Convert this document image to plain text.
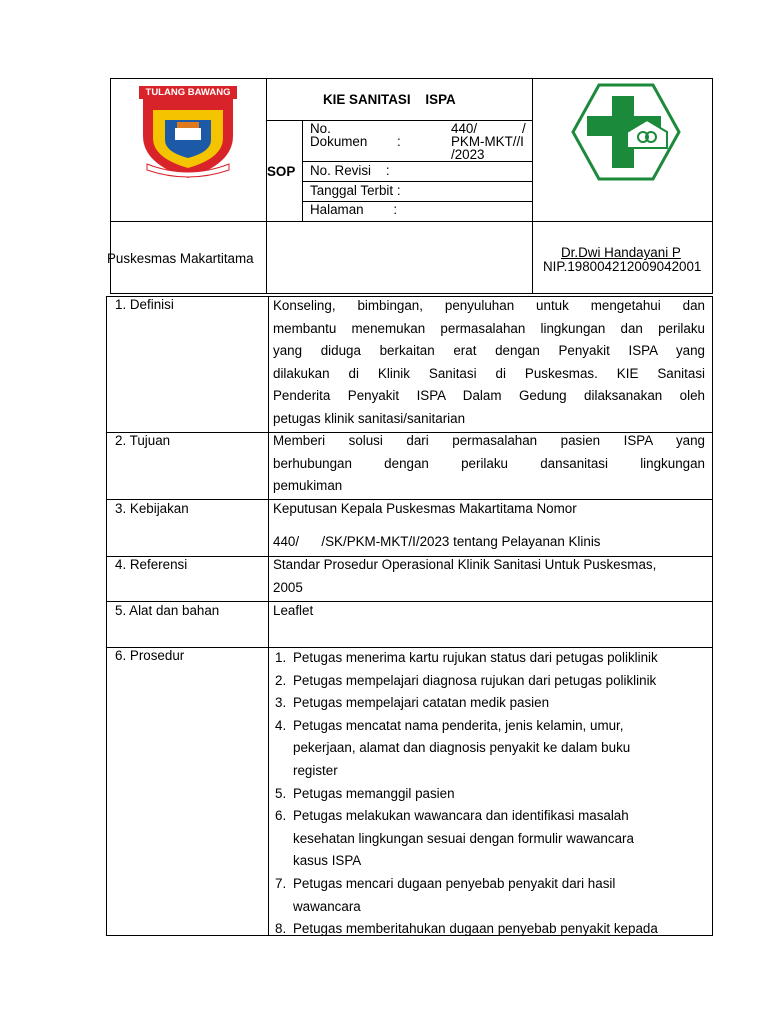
TULANG BAWANG	KIE SANITASI    ISPA
SOP
No.
Dokumen :
440/	/
PKM-MKT//I
/2023
No. Revisi    :
Tanggal Terbit :
Halaman        :
Puskesmas Makartitama	Dr.Dwi Handayani P
NIP.198004212009042001
1. Definisi	Konseling, bimbingan, penyuluhan untuk mengetahui dan
membantu menemukan permasalahan lingkungan dan perilaku
yang diduga berkaitan erat dengan Penyakit ISPA yang
dilakukan di Klinik Sanitasi di Puskesmas. KIE Sanitasi
Penderita Penyakit ISPA Dalam Gedung dilaksanakan oleh
petugas klinik sanitasi/sanitarian
2. Tujuan	Memberi solusi dari permasalahan pasien ISPA yang
berhubungan dengan perilaku dansanitasi lingkungan
pemukiman
3. Kebijakan	Keputusan Kepala Puskesmas Makartitama Nomor
440/      /SK/PKM-MKT/I/2023 tentang Pelayanan Klinis
4. Referensi	Standar Prosedur Operasional Klinik Sanitasi Untuk Puskesmas,
2005
5. Alat dan bahan	Leaflet
6. Prosedur	1. Petugas menerima kartu rujukan status dari petugas poliklinik
2. Petugas mempelajari diagnosa rujukan dari petugas poliklinik
3. Petugas mempelajari catatan medik pasien
4. Petugas mencatat nama penderita, jenis kelamin, umur,
pekerjaan, alamat dan diagnosis penyakit ke dalam buku
register
5. Petugas memanggil pasien
6. Petugas melakukan wawancara dan identifikasi masalah
kesehatan lingkungan sesuai dengan formulir wawancara
kasus ISPA
7. Petugas mencari dugaan penyebab penyakit dari hasil
wawancara
8. Petugas memberitahukan dugaan penyebab penyakit kepada
